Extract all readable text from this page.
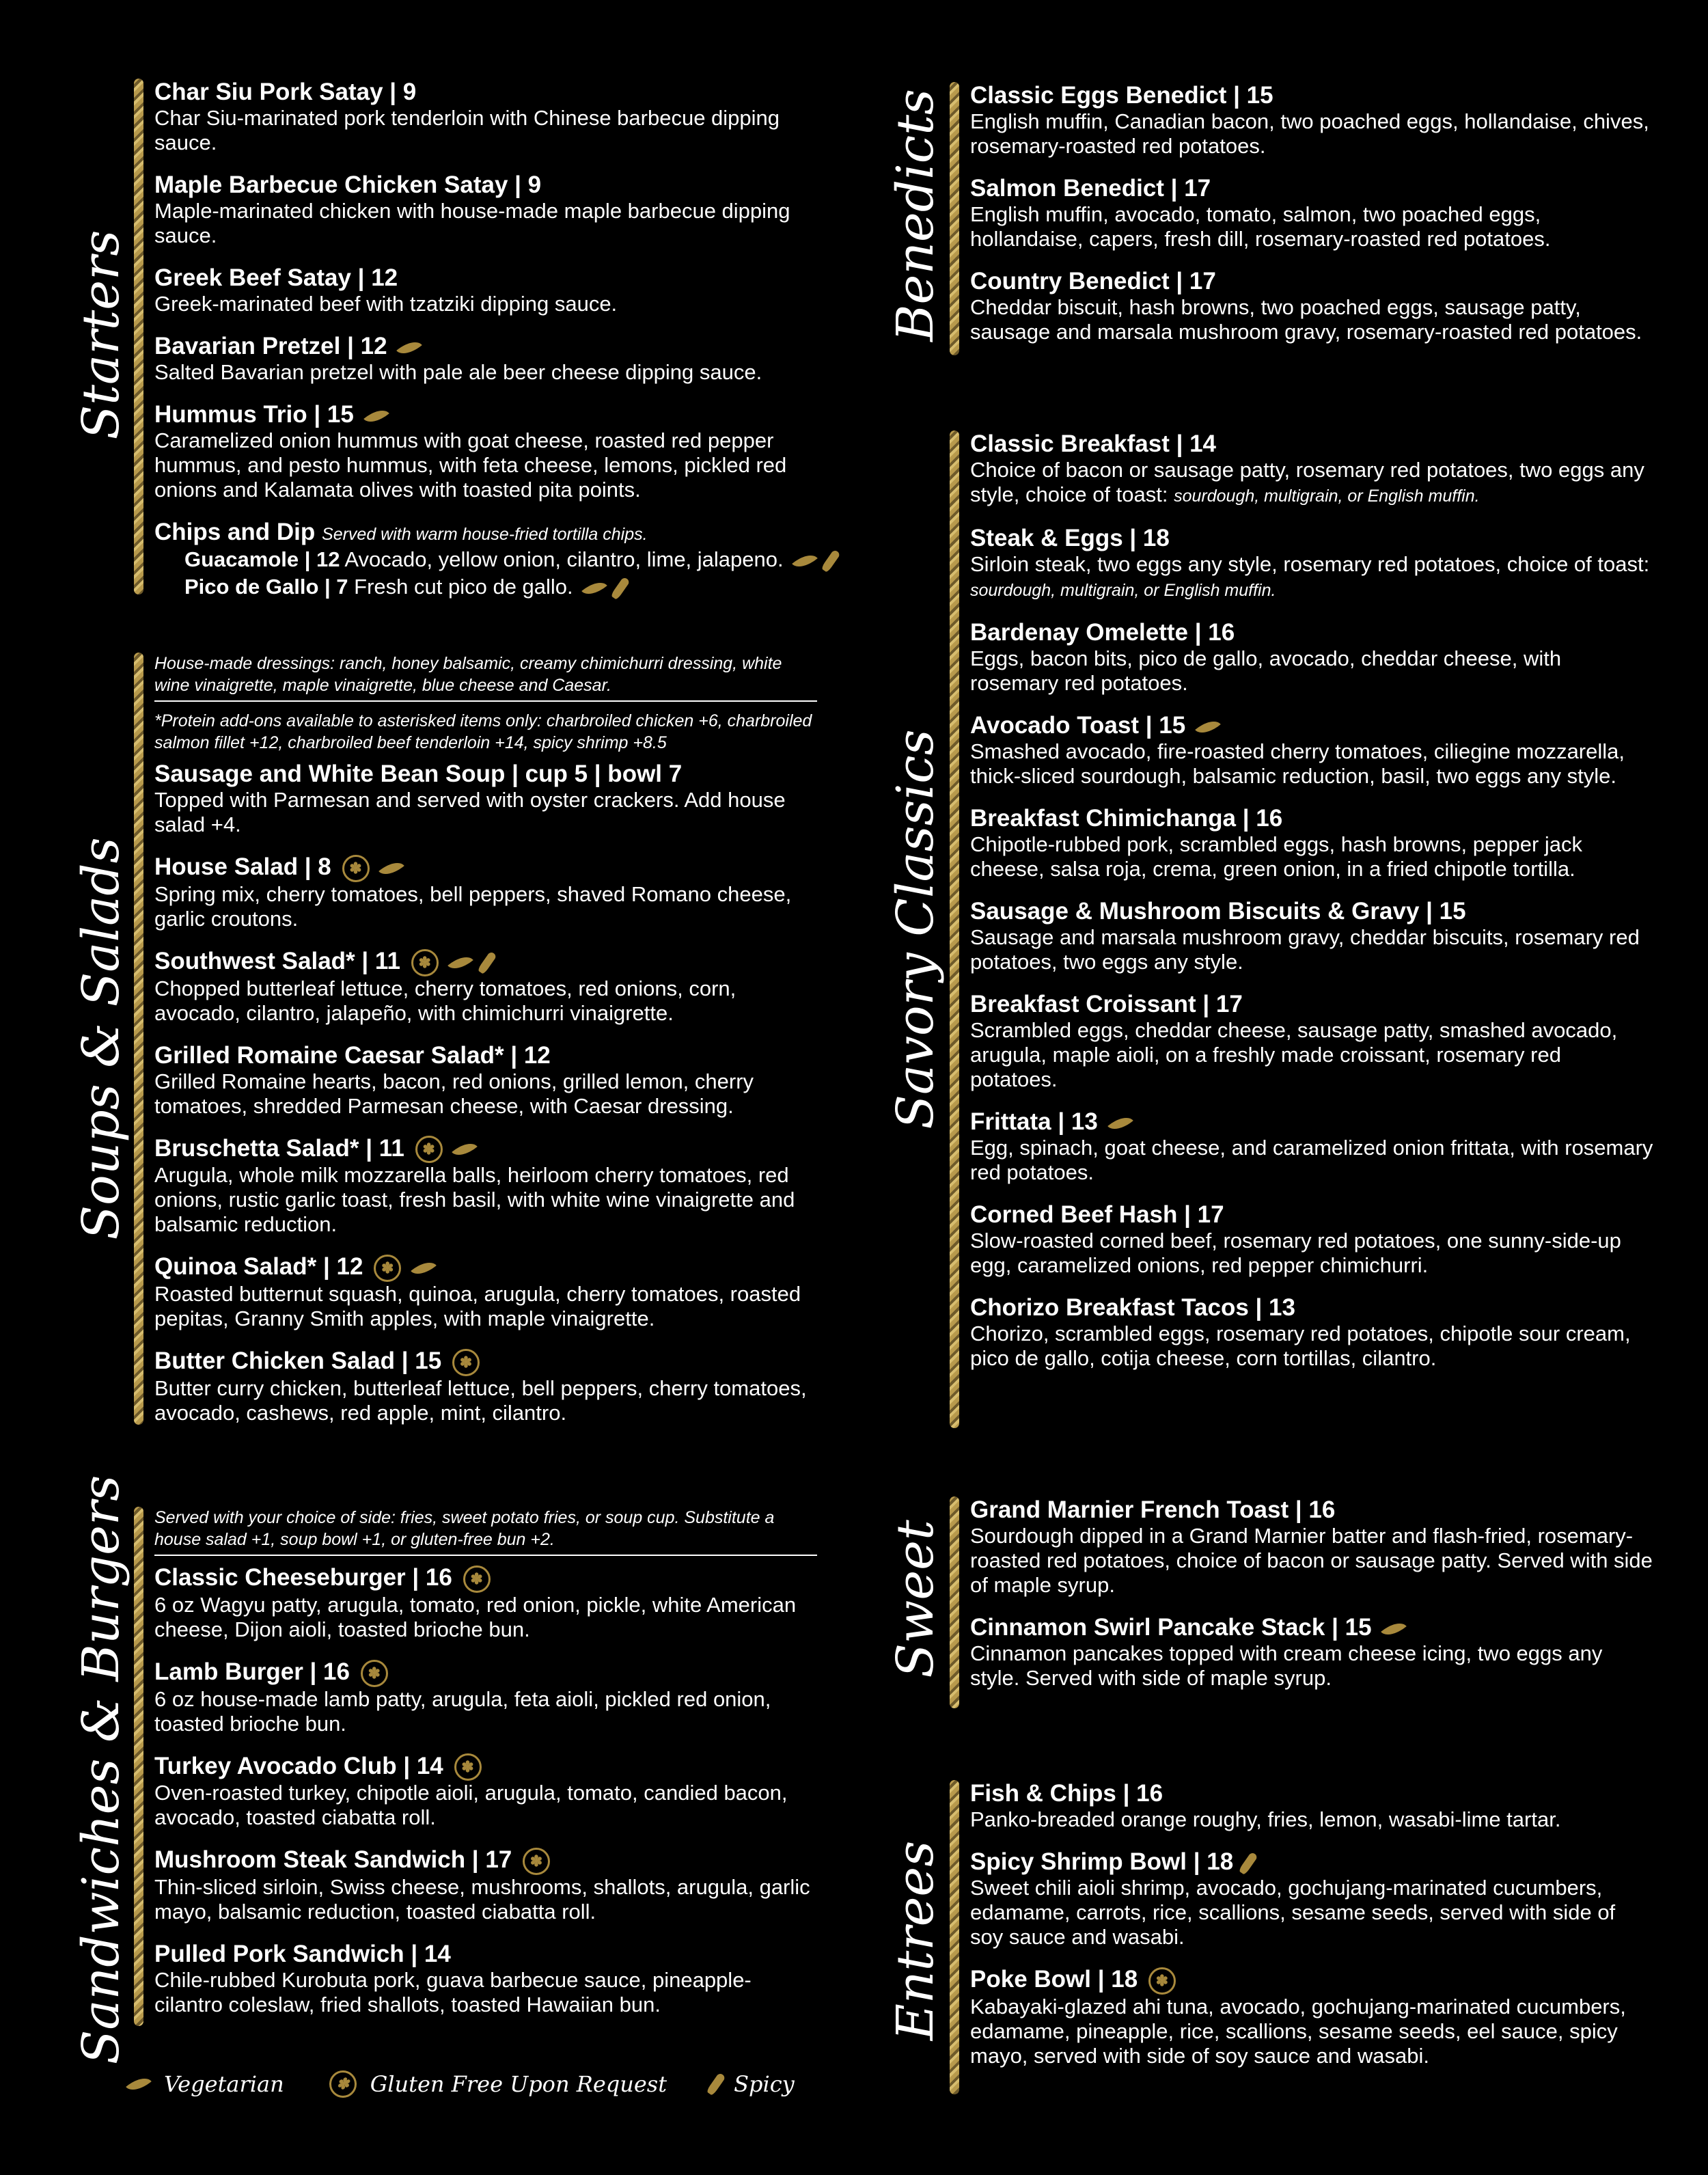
Char Siu Pork Satay | 9
Char Siu-marinated pork tenderloin with Chinese barbecue dipping sauce.
Maple Barbecue Chicken Satay | 9
Maple-marinated chicken with house-made maple barbecue dipping sauce.
Greek Beef Satay | 12
Greek-marinated beef with tzatziki dipping sauce.
Bavarian Pretzel | 12
Salted Bavarian pretzel with pale ale beer cheese dipping sauce.
Hummus Trio | 15
Caramelized onion hummus with goat cheese, roasted red pepper hummus, and pesto hummus, with feta cheese, lemons, pickled red onions and Kalamata olives with toasted pita points.
Chips and Dip Served with warm house-fried tortilla chips.
Guacamole | 12 Avocado, yellow onion, cilantro, lime, jalapeno.
Pico de Gallo | 7 Fresh cut pico de gallo.
Starters
House-made dressings: ranch, honey balsamic, creamy chimichurri dressing, white wine vinaigrette, maple vinaigrette, blue cheese and Caesar.
*Protein add-ons available to asterisked items only: charbroiled chicken +6, charbroiled salmon fillet +12, charbroiled beef tenderloin +14, spicy shrimp +8.5
Sausage and White Bean Soup | cup 5 | bowl 7
Topped with Parmesan and served with oyster crackers. Add house salad +4.
House Salad | 8 ✽
Spring mix, cherry tomatoes, bell peppers, shaved Romano cheese, garlic croutons.
Southwest Salad* | 11 ✽
Chopped butterleaf lettuce, cherry tomatoes, red onions, corn, avocado, cilantro, jalapeño, with chimichurri vinaigrette.
Grilled Romaine Caesar Salad* | 12
Grilled Romaine hearts, bacon, red onions, grilled lemon, cherry tomatoes, shredded Parmesan cheese, with Caesar dressing.
Bruschetta Salad* | 11 ✽
Arugula, whole milk mozzarella balls, heirloom cherry tomatoes, red onions, rustic garlic toast, fresh basil, with white wine vinaigrette and balsamic reduction.
Quinoa Salad* | 12 ✽
Roasted butternut squash, quinoa, arugula, cherry tomatoes, roasted pepitas, Granny Smith apples, with maple vinaigrette.
Butter Chicken Salad | 15 ✽
Butter curry chicken, butterleaf lettuce, bell peppers, cherry tomatoes, avocado, cashews, red apple, mint, cilantro.
Soups & Salads
Served with your choice of side: fries, sweet potato fries, or soup cup. Substitute a house salad +1, soup bowl +1, or gluten-free bun +2.
Classic Cheeseburger | 16 ✽
6 oz Wagyu patty, arugula, tomato, red onion, pickle, white American cheese, Dijon aioli, toasted brioche bun.
Lamb Burger | 16 ✽
6 oz house-made lamb patty, arugula, feta aioli, pickled red onion, toasted brioche bun.
Turkey Avocado Club | 14 ✽
Oven-roasted turkey, chipotle aioli, arugula, tomato, candied bacon, avocado, toasted ciabatta roll.
Mushroom Steak Sandwich | 17 ✽
Thin-sliced sirloin, Swiss cheese, mushrooms, shallots, arugula, garlic mayo, balsamic reduction, toasted ciabatta roll.
Pulled Pork Sandwich | 14
Chile-rubbed Kurobuta pork, guava barbecue sauce, pineapple-cilantro coleslaw, fried shallots, toasted Hawaiian bun.
Sandwiches & Burgers
Classic Eggs Benedict | 15
English muffin, Canadian bacon, two poached eggs, hollandaise, chives, rosemary-roasted red potatoes.
Salmon Benedict | 17
English muffin, avocado, tomato, salmon, two poached eggs, hollandaise, capers, fresh dill, rosemary-roasted red potatoes.
Country Benedict | 17
Cheddar biscuit, hash browns, two poached eggs, sausage patty, sausage and marsala mushroom gravy, rosemary-roasted red potatoes.
Benedicts
Classic Breakfast | 14
Choice of bacon or sausage patty, rosemary red potatoes, two eggs any style, choice of toast: sourdough, multigrain, or English muffin.
Steak & Eggs | 18
Sirloin steak, two eggs any style, rosemary red potatoes, choice of toast: sourdough, multigrain, or English muffin.
Bardenay Omelette | 16
Eggs, bacon bits, pico de gallo, avocado, cheddar cheese, with rosemary red potatoes.
Avocado Toast | 15
Smashed avocado, fire-roasted cherry tomatoes, ciliegine mozzarella, thick-sliced sourdough, balsamic reduction, basil, two eggs any style.
Breakfast Chimichanga | 16
Chipotle-rubbed pork, scrambled eggs, hash browns, pepper jack cheese, salsa roja, crema, green onion, in a fried chipotle tortilla.
Sausage & Mushroom Biscuits & Gravy | 15
Sausage and marsala mushroom gravy, cheddar biscuits, rosemary red potatoes, two eggs any style.
Breakfast Croissant | 17
Scrambled eggs, cheddar cheese, sausage patty, smashed avocado, arugula, maple aioli, on a freshly made croissant, rosemary red potatoes.
Frittata | 13
Egg, spinach, goat cheese, and caramelized onion frittata, with rosemary red potatoes.
Corned Beef Hash | 17
Slow-roasted corned beef, rosemary red potatoes, one sunny-side-up egg, caramelized onions, red pepper chimichurri.
Chorizo Breakfast Tacos | 13
Chorizo, scrambled eggs, rosemary red potatoes, chipotle sour cream, pico de gallo, cotija cheese, corn tortillas, cilantro.
Savory Classics
Grand Marnier French Toast | 16
Sourdough dipped in a Grand Marnier batter and flash-fried, rosemary-roasted red potatoes, choice of bacon or sausage patty. Served with side of maple syrup.
Cinnamon Swirl Pancake Stack | 15
Cinnamon pancakes topped with cream cheese icing, two eggs any style. Served with side of maple syrup.
Sweet
Fish & Chips | 16
Panko-breaded orange roughy, fries, lemon, wasabi-lime tartar.
Spicy Shrimp Bowl | 18
Sweet chili aioli shrimp, avocado, gochujang-marinated cucumbers, edamame, carrots, rice, scallions, sesame seeds, served with side of soy sauce and wasabi.
Poke Bowl | 18 ✽
Kabayaki-glazed ahi tuna, avocado, gochujang-marinated cucumbers, edamame, pineapple, rice, scallions, sesame seeds, eel sauce, spicy mayo, served with side of soy sauce and wasabi.
Entrees
Vegetarian	✽ Gluten Free Upon Request	Spicy
